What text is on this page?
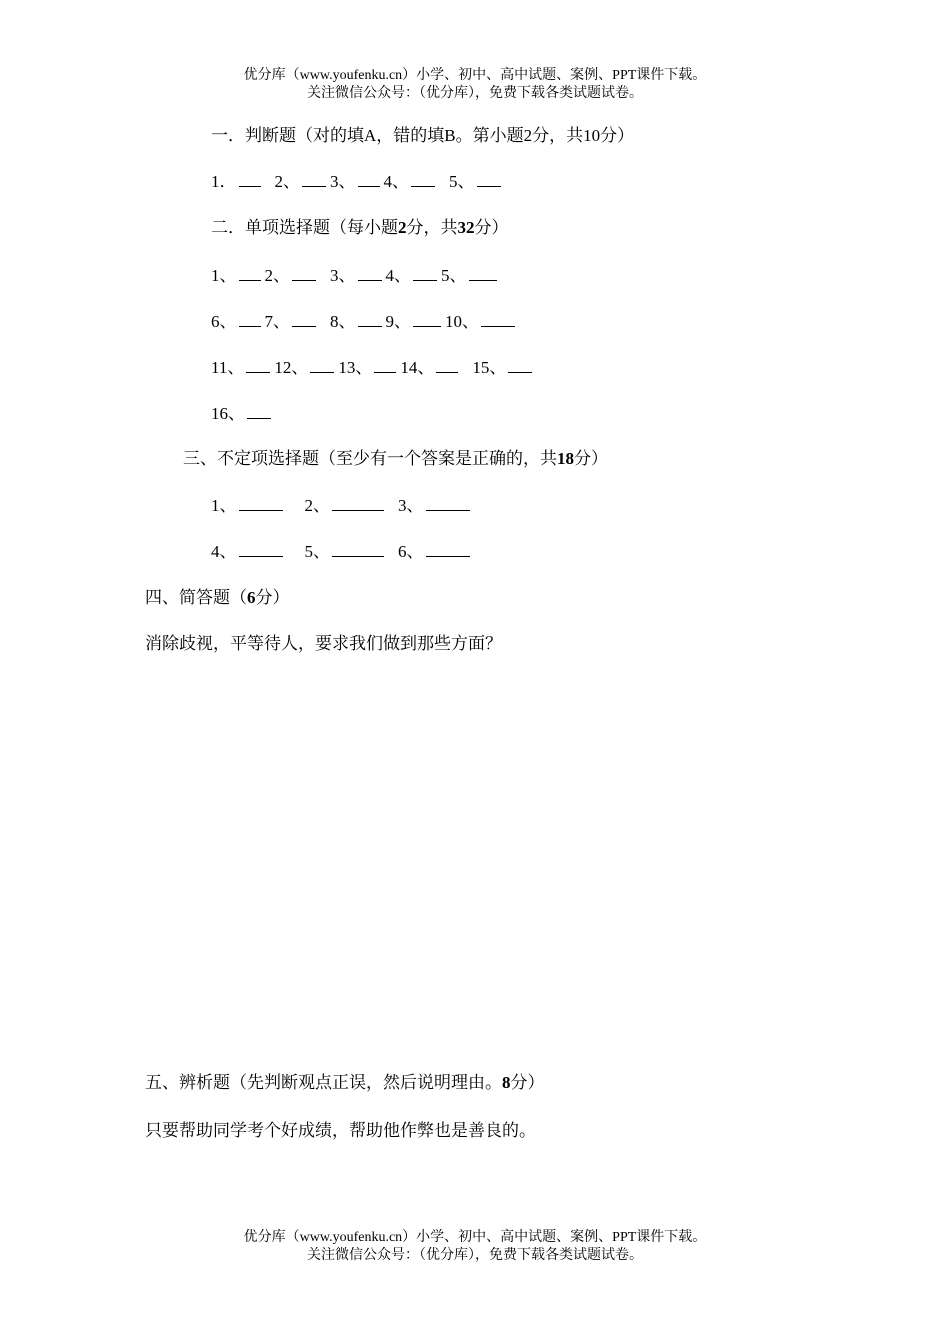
优分库（www.youfenku.cn）小学、初中、高中试题、案例、PPT课件下载。
关注微信公众号：（优分库），免费下载各类试题试卷。
一．判断题（对的填A，错的填B。第小题2分，共10分）
1． 2、 3、 4、 5、
二．单项选择题（每小题2分，共32分）
1、 2、 3、 4、 5、
6、 7、 8、 9、 10、
11、 12、 13、 14、 15、
16、
三、不定项选择题（至少有一个答案是正确的，共18分）
1、	2、	3、
4、	5、	6、
四、简答题（6分）
消除歧视，平等待人，要求我们做到那些方面？
五、辨析题（先判断观点正误，然后说明理由。8分）
只要帮助同学考个好成绩，帮助他作弊也是善良的。
优分库（www.youfenku.cn）小学、初中、高中试题、案例、PPT课件下载。
关注微信公众号：（优分库），免费下载各类试题试卷。
